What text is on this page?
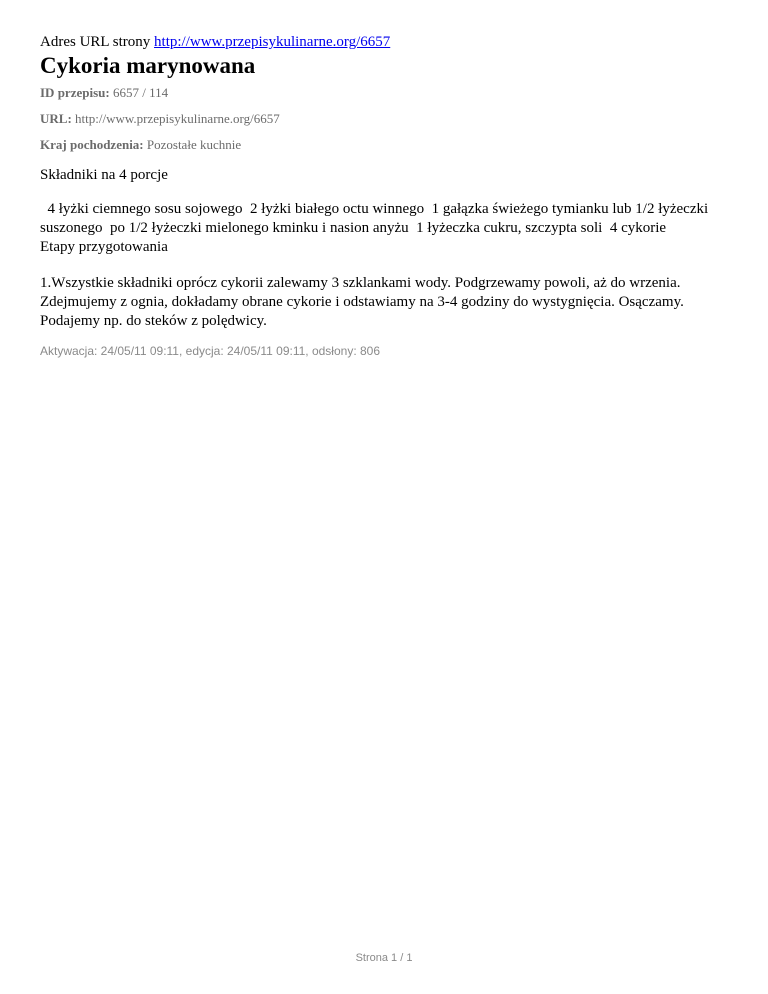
Adres URL strony http://www.przepisykulinarne.org/6657

Cykoria marynowana

ID przepisu: 6657 / 114

URL: http://www.przepisykulinarne.org/6657

Kraj pochodzenia: Pozostałe kuchnie

Składniki na 4 porcje

4 łyżki ciemnego sosu sojowego  2 łyżki białego octu winnego  1 gałązka świeżego tymianku lub 1/2 łyżeczki suszonego  po 1/2 łyżeczki mielonego kminku i nasion anyżu  1 łyżeczka cukru, szczypta soli  4 cykorie

Etapy przygotowania

1.Wszystkie składniki oprócz cykorii zalewamy 3 szklankami wody. Podgrzewamy powoli, aż do wrzenia. Zdejmujemy z ognia, dokładamy obrane cykorie i odstawiamy na 3-4 godziny do wystygnięcia. Osączamy. Podajemy np. do steków z polędwicy.

Aktywacja: 24/05/11 09:11, edycja: 24/05/11 09:11, odsłony: 806

Strona 1 / 1
